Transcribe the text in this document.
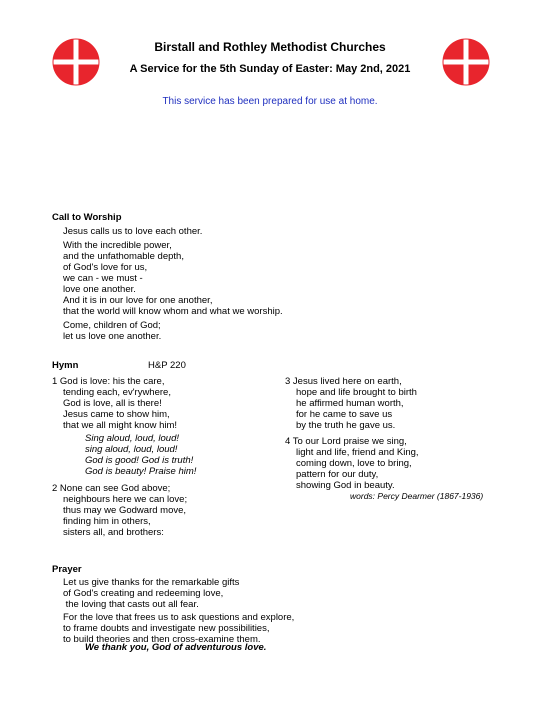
Birstall and Rothley Methodist Churches
A Service for the 5th Sunday of Easter: May 2nd, 2021
This service has been prepared for use at home.
Call to Worship
Jesus calls us to love each other.
With the incredible power,
and the unfathomable depth,
of God's love for us,
we can - we must -
love one another.
And it is in our love for one another,
that the world will know whom and what we worship.
Come, children of God;
let us love one another.
Hymn	H&P 220
1 God is love: his the care,
tending each, ev'rywhere,
God is love, all is there!
Jesus came to show him,
that we all might know him!
Sing aloud, loud, loud!
sing aloud, loud, loud!
God is good! God is truth!
God is beauty! Praise him!
2 None can see God above;
neighbours here we can love;
thus may we Godward move,
finding him in others,
sisters all, and brothers:
3 Jesus lived here on earth,
hope and life brought to birth
he affirmed human worth,
for he came to save us
by the truth he gave us.
4 To our Lord praise we sing,
light and life, friend and King,
coming down, love to bring,
pattern for our duty,
showing God in beauty.
words: Percy Dearmer (1867-1936)
Prayer
Let us give thanks for the remarkable gifts
of God's creating and redeeming love,
the loving that casts out all fear.
For the love that frees us to ask questions and explore,
to frame doubts and investigate new possibilities,
to build theories and then cross-examine them.
We thank you, God of adventurous love.
